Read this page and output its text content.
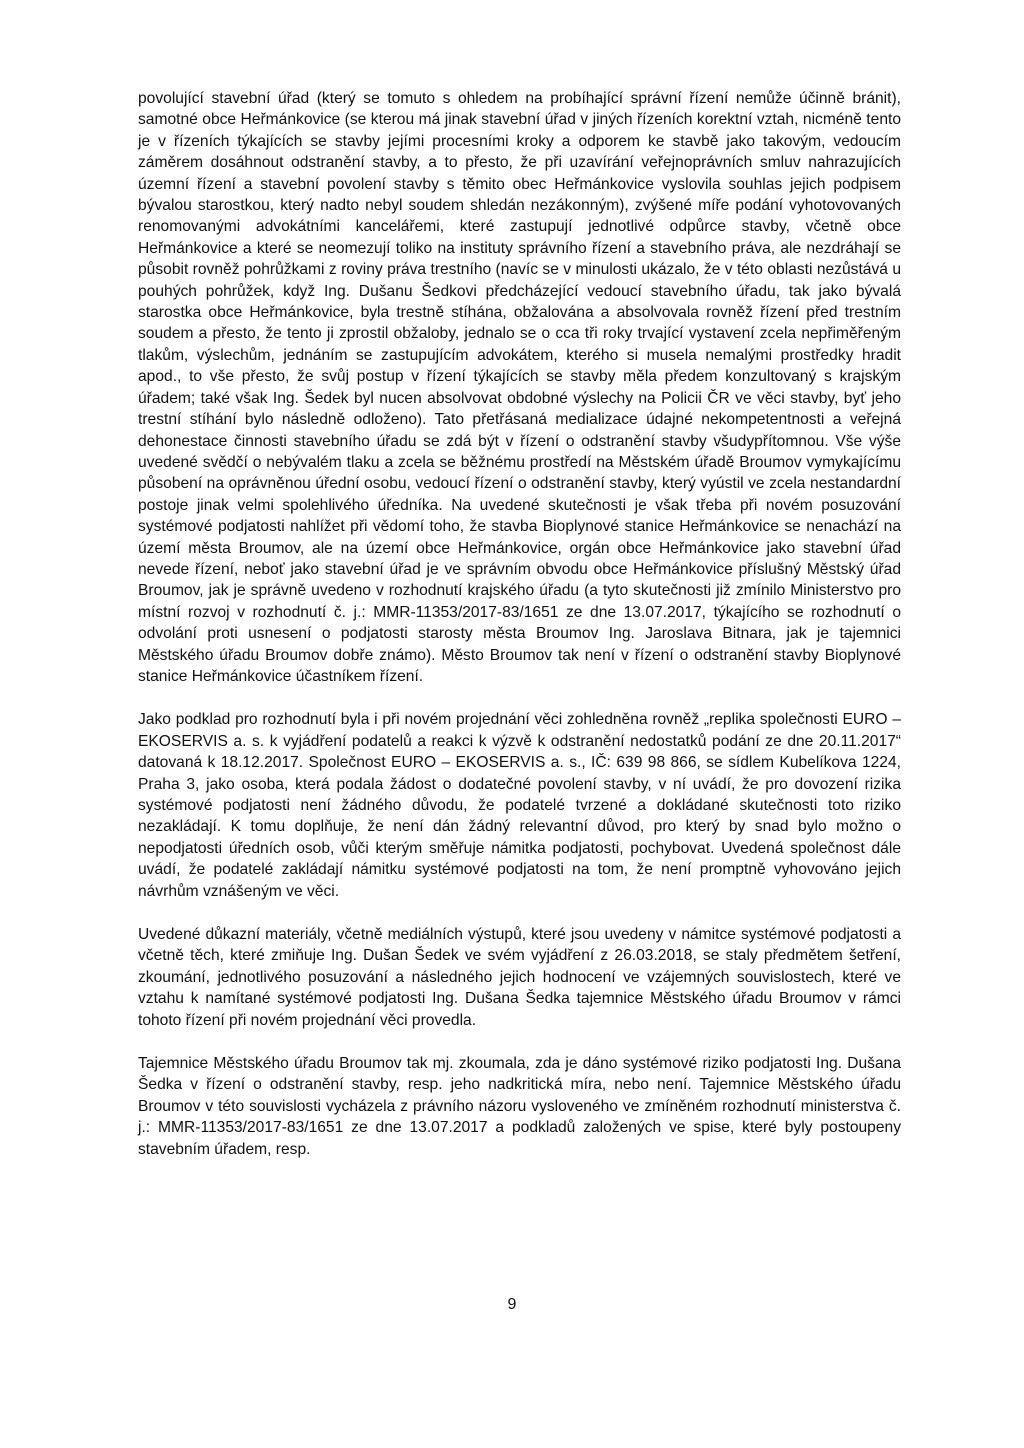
povolující stavební úřad (který se tomuto s ohledem na probíhající správní řízení nemůže účinně bránit), samotné obce Heřmánkovice (se kterou má jinak stavební úřad v jiných řízeních korektní vztah, nicméně tento je v řízeních týkajících se stavby jejími procesními kroky a odporem ke stavbě jako takovým, vedoucím záměrem dosáhnout odstranění stavby, a to přesto, že při uzavírání veřejnoprávních smluv nahrazujících územní řízení a stavební povolení stavby s těmito obec Heřmánkovice vyslovila souhlas jejich podpisem bývalou starostkou, který nadto nebyl soudem shledán nezákonným), zvýšené míře podání vyhotovovaných renomovanými advokátními kancelářemi, které zastupují jednotlivé odpůrce stavby, včetně obce Heřmánkovice a které se neomezují toliko na instituty správního řízení a stavebního práva, ale nezdráhají se působit rovněž pohrůžkami z roviny práva trestního (navíc se v minulosti ukázalo, že v této oblasti nezůstává u pouhých pohrůžek, když Ing. Dušanu Šedkovi předcházející vedoucí stavebního úřadu, tak jako bývalá starostka obce Heřmánkovice, byla trestně stíhána, obžalována a absolvovala rovněž řízení před trestním soudem a přesto, že tento ji zprostil obžaloby, jednalo se o cca tři roky trvající vystavení zcela nepřiměřeným tlakům, výslechům, jednáním se zastupujícím advokátem, kterého si musela nemalými prostředky hradit apod., to vše přesto, že svůj postup v řízení týkajících se stavby měla předem konzultovaný s krajským úřadem; také však Ing. Šedek byl nucen absolvovat obdobné výslechy na Policii ČR ve věci stavby, byť jeho trestní stíhání bylo následně odloženo). Tato přetřásaná medializace údajné nekompetentnosti a veřejná dehonestace činnosti stavebního úřadu se zdá být v řízení o odstranění stavby všudypřítomnou. Vše výše uvedené svědčí o nebývalém tlaku a zcela se běžnému prostředí na Městském úřadě Broumov vymykajícímu působení na oprávněnou úřední osobu, vedoucí řízení o odstranění stavby, který vyústil ve zcela nestandardní postoje jinak velmi spolehlivého úředníka. Na uvedené skutečnosti je však třeba při novém posuzování systémové podjatosti nahlížet při vědomí toho, že stavba Bioplynové stanice Heřmánkovice se nenachází na území města Broumov, ale na území obce Heřmánkovice, orgán obce Heřmánkovice jako stavební úřad nevede řízení, neboť jako stavební úřad je ve správním obvodu obce Heřmánkovice příslušný Městský úřad Broumov, jak je správně uvedeno v rozhodnutí krajského úřadu (a tyto skutečnosti již zmínilo Ministerstvo pro místní rozvoj v rozhodnutí č. j.: MMR-11353/2017-83/1651 ze dne 13.07.2017, týkajícího se rozhodnutí o odvolání proti usnesení o podjatosti starosty města Broumov Ing. Jaroslava Bitnara, jak je tajemnici Městského úřadu Broumov dobře známo). Město Broumov tak není v řízení o odstranění stavby Bioplynové stanice Heřmánkovice účastníkem řízení.

Jako podklad pro rozhodnutí byla i při novém projednání věci zohledněna rovněž „replika společnosti EURO – EKOSERVIS a. s. k vyjádření podatelů a reakci k výzvě k odstranění nedostatků podání ze dne 20.11.2017“ datovaná k 18.12.2017. Společnost EURO – EKOSERVIS a. s., IČ: 639 98 866, se sídlem Kubelíkova 1224, Praha 3, jako osoba, která podala žádost o dodatečné povolení stavby, v ní uvádí, že pro dovození rizika systémové podjatosti není žádného důvodu, že podatelé tvrzené a dokládané skutečnosti toto riziko nezakládají. K tomu doplňuje, že není dán žádný relevantní důvod, pro který by snad bylo možno o nepodjatosti úředních osob, vůči kterým směřuje námitka podjatosti, pochybovat. Uvedená společnost dále uvádí, že podatelé zakládají námitku systémové podjatosti na tom, že není promptně vyhovováno jejich návrhům vznášeným ve věci.

Uvedené důkazní materiály, včetně mediálních výstupů, které jsou uvedeny v námitce systémové podjatosti a včetně těch, které zmiňuje Ing. Dušan Šedek ve svém vyjádření z 26.03.2018, se staly předmětem šetření, zkoumání, jednotlivého posuzování a následného jejich hodnocení ve vzájemných souvislostech, které ve vztahu k namítané systémové podjatosti Ing. Dušana Šedka tajemnice Městského úřadu Broumov v rámci tohoto řízení při novém projednání věci provedla.

Tajemnice Městského úřadu Broumov tak mj. zkoumala, zda je dáno systémové riziko podjatosti Ing. Dušana Šedka v řízení o odstranění stavby, resp. jeho nadkritická míra, nebo není. Tajemnice Městského úřadu Broumov v této souvislosti vycházela z právního názoru vysloveného ve zmíněném rozhodnutí ministerstva č. j.: MMR-11353/2017-83/1651 ze dne 13.07.2017 a podkladů založených ve spise, které byly postoupeny stavebním úřadem, resp.

9
